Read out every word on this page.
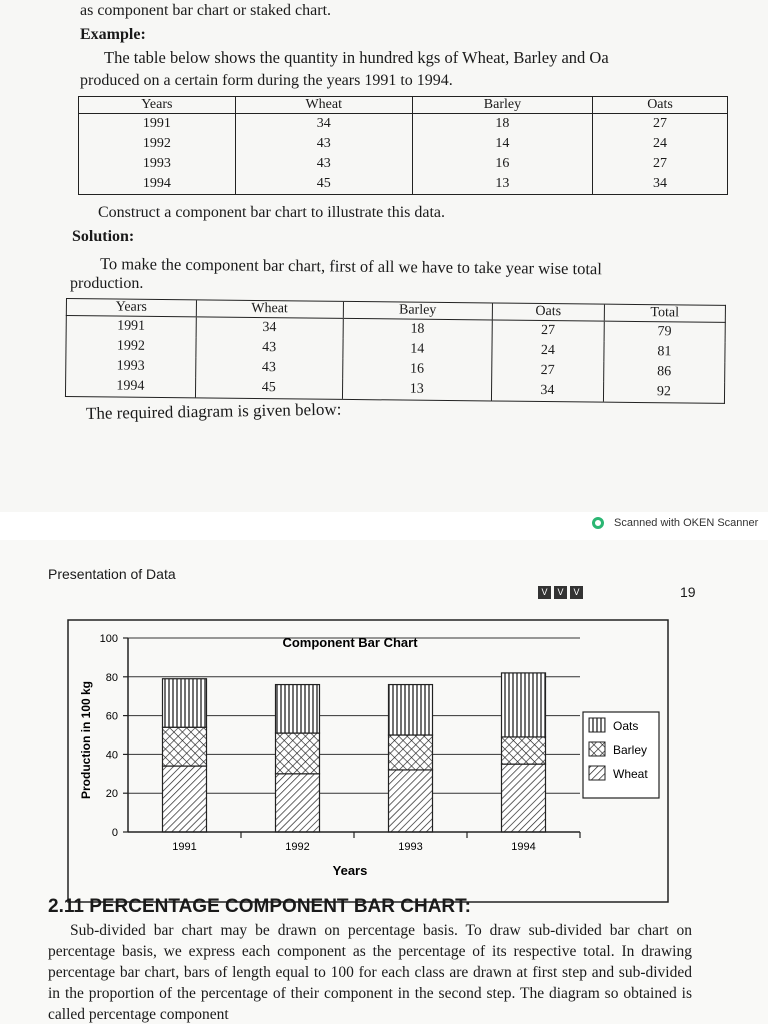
as component bar chart or staked chart.
Example:
The table below shows the quantity in hundred kgs of Wheat, Barley and Oa
produced on a certain form during the years 1991 to 1994.
Years	Wheat	Barley	Oats
1991	34	18	27
1992	43	14	24
1993	43	16	27
1994	45	13	34
Construct a component bar chart to illustrate this data.
Solution:
To make the component bar chart, first of all we have to take year wise total
production.
Years	Wheat	Barley	Oats	Total
1991	34	18	27	79
1992	43	14	24	81
1993	43	16	27	86
1994	45	13	34	92
The required diagram is given below:
Scanned with OKEN Scanner
Presentation of Data
V	V	V	19
0
20
40
60
80
100
1991	1992	1993	1994
Component Bar Chart
Years
Production in 100 kg	Oats
Barley
Wheat
2.11 PERCENTAGE COMPONENT BAR CHART:
Sub-divided bar chart may be drawn on percentage basis. To draw sub-divided bar chart on percentage basis, we express each component as the percentage of its respective total. In drawing percentage bar chart, bars of length equal to 100 for each class are drawn at first step and sub-divided in the proportion of the percentage of their component in the second step. The diagram so obtained is called percentage component
